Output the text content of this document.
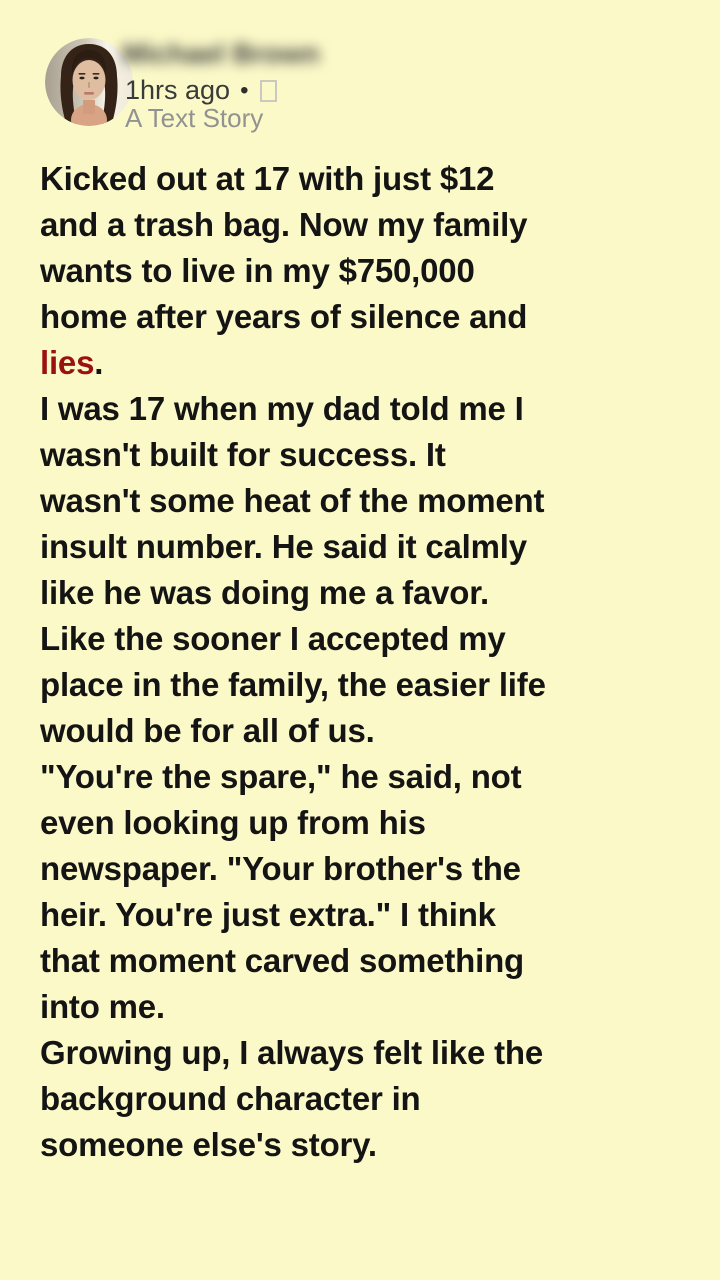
Michael Brown
1hrs ago •
A Text Story
Kicked out at 17 with just $12
and a trash bag. Now my family
wants to live in my $750,000
home after years of silence and
lies.
I was 17 when my dad told me I
wasn't built for success. It
wasn't some heat of the moment
insult number. He said it calmly
like he was doing me a favor.
Like the sooner I accepted my
place in the family, the easier life
would be for all of us.
"You're the spare," he said, not
even looking up from his
newspaper. "Your brother's the
heir. You're just extra." I think
that moment carved something
into me.
Growing up, I always felt like the
background character in
someone else's story.
